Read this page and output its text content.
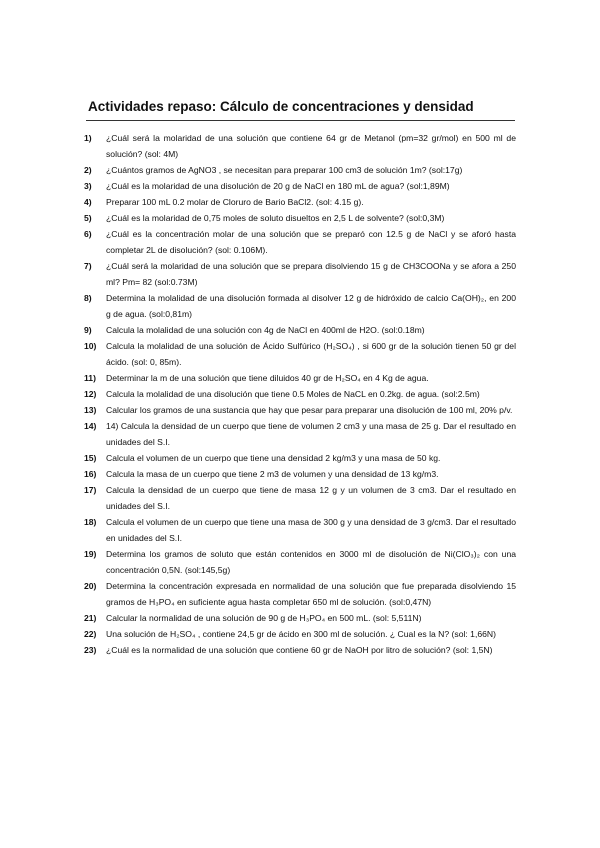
Actividades repaso: Cálculo de concentraciones y densidad
1)	¿Cuál será la molaridad de una solución que contiene 64 gr de Metanol (pm=32 gr/mol) en 500 ml de solución? (sol: 4M)
2)	¿Cuántos gramos de AgNO3 , se necesitan para preparar 100 cm3 de solución 1m? (sol:17g)
3)	¿Cuál es la molaridad de una disolución de 20 g de NaCl en 180 mL de agua? (sol:1,89M)
4)	Preparar 100 mL 0.2 molar de Cloruro de Bario BaCl2. (sol: 4.15 g).
5)	¿Cuál es la molaridad de 0,75 moles de soluto disueltos en 2,5 L de solvente? (sol:0,3M)
6)	¿Cuál es la concentración molar de una solución que se preparó con 12.5 g de NaCl y se aforó hasta completar 2L de disolución? (sol: 0.106M).
7)	¿Cuál será la molaridad de una solución que se prepara disolviendo 15 g de CH3COONa y se afora a 250 ml? Pm= 82 (sol:0.73M)
8)	Determina la molalidad de una disolución formada al disolver 12 g de hidróxido de calcio Ca(OH)₂, en 200 g de agua. (sol:0,81m)
9)	Calcula la molalidad de una solución con 4g de NaCl en 400ml de H2O. (sol:0.18m)
10)	Calcula la molalidad de una solución de Ácido Sulfúrico (H₂SO₄) , si 600 gr de la solución tienen 50 gr del ácido. (sol: 0, 85m).
11)	Determinar la m de una solución que tiene diluidos 40 gr de H₂SO₄ en 4 Kg de agua.
12)	Calcula la molalidad de una disolución que tiene 0.5 Moles de NaCL en 0.2kg. de agua. (sol:2.5m)
13)	Calcular los gramos de una sustancia que hay que pesar para preparar una disolución de 100 ml, 20% p/v.
14)	14) Calcula la densidad de un cuerpo que tiene de volumen 2 cm3 y una masa de 25 g. Dar el resultado en unidades del S.I.
15)	Calcula el volumen de un cuerpo que tiene una densidad 2 kg/m3 y una masa de 50 kg.
16)	Calcula la masa de un cuerpo que tiene 2 m3 de volumen y una densidad de 13 kg/m3.
17)	Calcula la densidad de un cuerpo que tiene de masa 12 g y un volumen de 3 cm3. Dar el resultado en unidades del S.I.
18)	Calcula el volumen de un cuerpo que tiene una masa de 300 g y una densidad de 3 g/cm3. Dar el resultado en unidades del S.I.
19)	Determina los gramos de soluto que están contenidos en 3000 ml de disolución de Ni(ClO₃)₂ con una concentración 0,5N. (sol:145,5g)
20)	Determina la concentración expresada en normalidad de una solución que fue preparada disolviendo 15 gramos de H₃PO₄ en suficiente agua hasta completar 650 ml de solución. (sol:0,47N)
21)	Calcular la normalidad de una solución de 90 g de H₃PO₄ en 500 mL. (sol: 5,511N)
22)	Una solución de H₂SO₄ , contiene 24,5 gr de ácido en 300 ml de solución. ¿ Cual es la N? (sol: 1,66N)
23)	¿Cuál es la normalidad de una solución que contiene 60 gr de NaOH por litro de solución? (sol: 1,5N)
